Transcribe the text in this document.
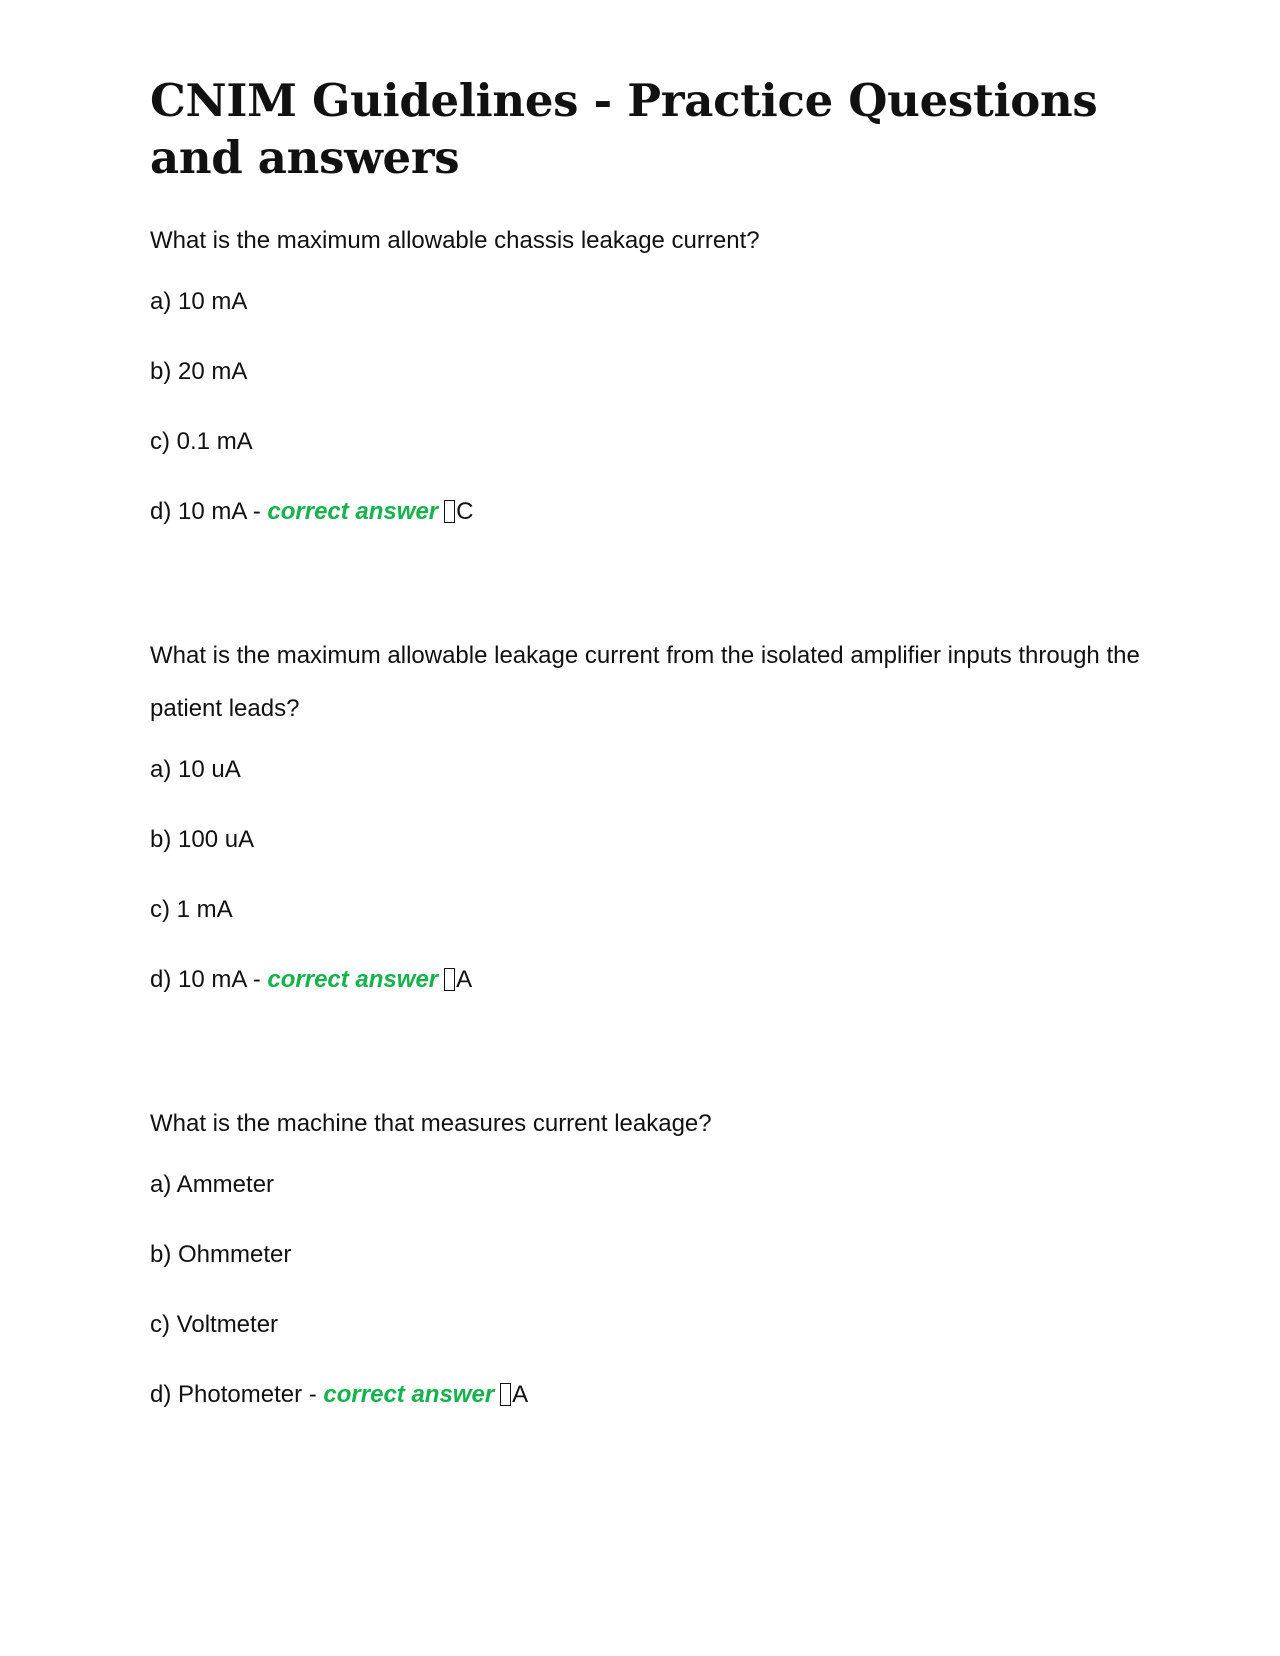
CNIM Guidelines - Practice Questions and answers

What is the maximum allowable chassis leakage current?

a) 10 mA

b) 20 mA

c) 0.1 mA

d) 10 mA - correct answer C

What is the maximum allowable leakage current from the isolated amplifier inputs through the patient leads?

a) 10 uA

b) 100 uA

c) 1 mA

d) 10 mA - correct answer A

What is the machine that measures current leakage?

a) Ammeter

b) Ohmmeter

c) Voltmeter

d) Photometer - correct answer A
